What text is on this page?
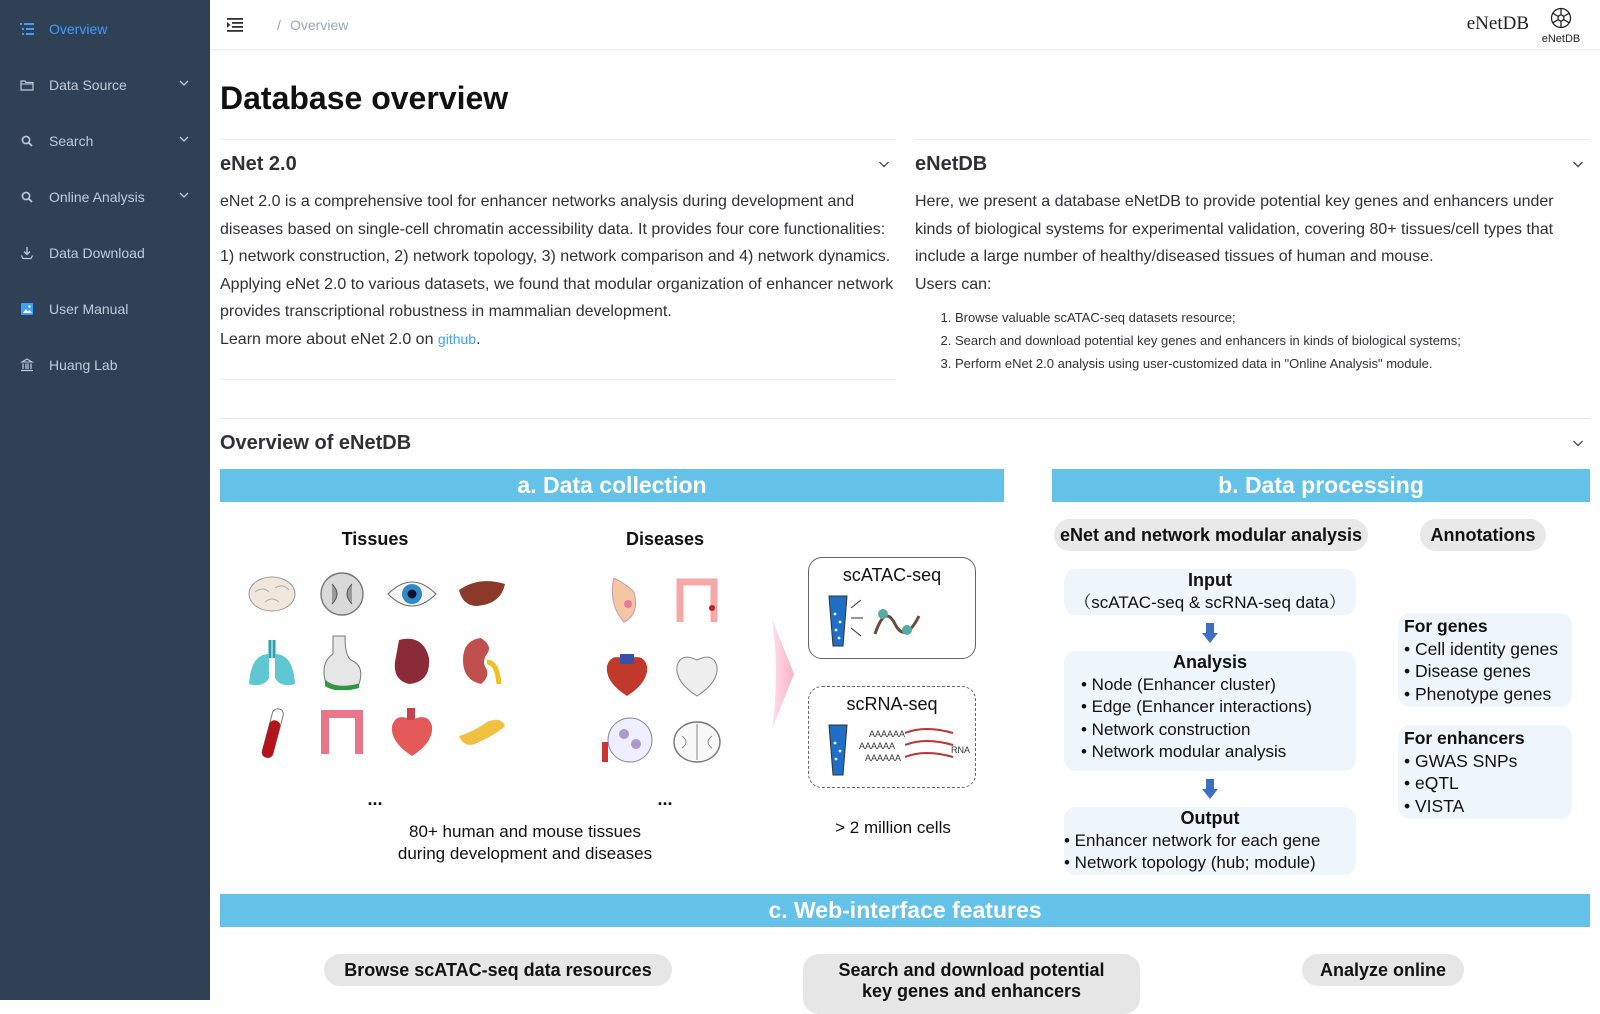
Overview
Data Source
Search
Online Analysis
Data Download
User Manual
Huang Lab
/ Overview	eNetDB
eNetDB
Database overview
eNet 2.0
eNet 2.0 is a comprehensive tool for enhancer networks analysis during development and diseases based on single-cell chromatin accessibility data. It provides four core functionalities: 1) network construction, 2) network topology, 3) network comparison and 4) network dynamics. Applying eNet 2.0 to various datasets, we found that modular organization of enhancer network provides transcriptional robustness in mammalian development.
Learn more about eNet 2.0 on github.
eNetDB
Here, we present a database eNetDB to provide potential key genes and enhancers under kinds of biological systems for experimental validation, covering 80+ tissues/cell types that include a large number of healthy/diseased tissues of human and mouse.
Users can:
1. Browse valuable scATAC-seq datasets resource;
2. Search and download potential key genes and enhancers in kinds of biological systems;
3. Perform eNet 2.0 analysis using user-customized data in "Online Analysis" module.
Overview of eNetDB
a. Data collection	b. Data processing
c. Web-interface features
Tissues	Diseases
...	...
80+ human and mouse tissues
during development and diseases
scATAC-seq
scRNA-seq
AAAAAA
AAAAAA
AAAAAA
RNA
> 2 million cells
eNet and network modular analysis	Annotations
Input
（scATAC-seq & scRNA-seq data）
Analysis
• Node (Enhancer cluster)
• Edge (Enhancer interactions)
• Network construction
• Network modular analysis
Output
• Enhancer network for each gene
• Network topology (hub; module)
For genes
• Cell identity genes
• Disease genes
• Phenotype genes
For enhancers
• GWAS SNPs
• eQTL
• VISTA
Browse scATAC-seq data resources	Search and download potential
key genes and enhancers
Analyze online
